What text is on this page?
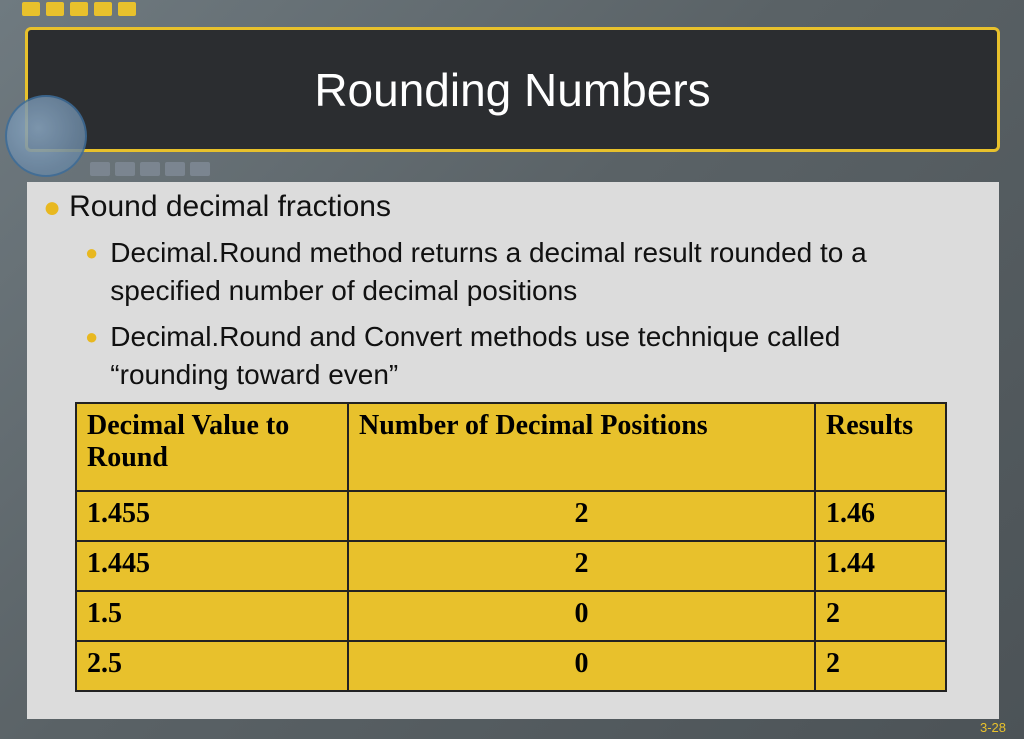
Rounding Numbers
● Round decimal fractions
● Decimal.Round method returns a decimal result rounded to a specified number of decimal positions
● Decimal.Round and Convert methods use technique called “rounding toward even”
Decimal Value to Round	Number of Decimal Positions	Results
1.455	2	1.46
1.445	2	1.44
1.5	0	2
2.5	0	2
3-28
